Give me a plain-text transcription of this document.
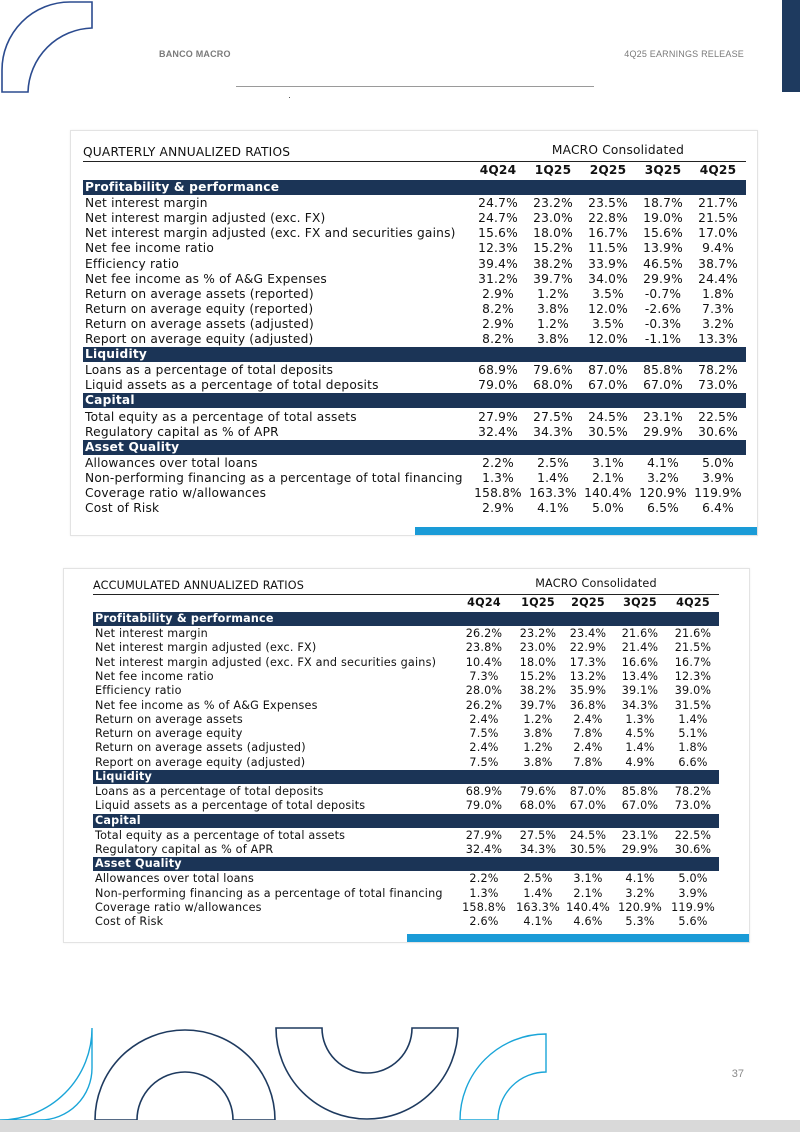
BANCO MACRO	4Q25 EARNINGS RELEASE
QUARTERLY ANNUALIZED RATIOS	MACRO Consolidated
4Q24	1Q25	2Q25	3Q25	4Q25
Profitability & performance
Net interest margin	24.7%	23.2%	23.5%	18.7%	21.7%
Net interest margin adjusted (exc. FX)	24.7%	23.0%	22.8%	19.0%	21.5%
Net interest margin adjusted (exc. FX and securities gains)	15.6%	18.0%	16.7%	15.6%	17.0%
Net fee income ratio	12.3%	15.2%	11.5%	13.9%	9.4%
Efficiency ratio	39.4%	38.2%	33.9%	46.5%	38.7%
Net fee income as % of A&G Expenses	31.2%	39.7%	34.0%	29.9%	24.4%
Return on average assets (reported)	2.9%	1.2%	3.5%	-0.7%	1.8%
Return on average equity (reported)	8.2%	3.8%	12.0%	-2.6%	7.3%
Return on average assets (adjusted)	2.9%	1.2%	3.5%	-0.3%	3.2%
Report on average equity (adjusted)	8.2%	3.8%	12.0%	-1.1%	13.3%
Liquidity
Loans as a percentage of total deposits	68.9%	79.6%	87.0%	85.8%	78.2%
Liquid assets as a percentage of total deposits	79.0%	68.0%	67.0%	67.0%	73.0%
Capital
Total equity as a percentage of total assets	27.9%	27.5%	24.5%	23.1%	22.5%
Regulatory capital as % of APR	32.4%	34.3%	30.5%	29.9%	30.6%
Asset Quality
Allowances over total loans	2.2%	2.5%	3.1%	4.1%	5.0%
Non-performing financing as a percentage of total financing	1.3%	1.4%	2.1%	3.2%	3.9%
Coverage ratio w/allowances	158.8% 163.3% 140.4% 120.9% 119.9%
Cost of Risk	2.9%	4.1%	5.0%	6.5%	6.4%
ACCUMULATED ANNUALIZED RATIOS	MACRO Consolidated
4Q24	1Q25	2Q25	3Q25	4Q25
Profitability & performance
Net interest margin	26.2%	23.2%	23.4%	21.6%	21.6%
Net interest margin adjusted (exc. FX)	23.8%	23.0%	22.9%	21.4%	21.5%
Net interest margin adjusted (exc. FX and securities gains)	10.4%	18.0%	17.3%	16.6%	16.7%
Net fee income ratio	7.3%	15.2%	13.2%	13.4%	12.3%
Efficiency ratio	28.0%	38.2%	35.9%	39.1%	39.0%
Net fee income as % of A&G Expenses	26.2%	39.7%	36.8%	34.3%	31.5%
Return on average assets	2.4%	1.2%	2.4%	1.3%	1.4%
Return on average equity	7.5%	3.8%	7.8%	4.5%	5.1%
Return on average assets (adjusted)	2.4%	1.2%	2.4%	1.4%	1.8%
Report on average equity (adjusted)	7.5%	3.8%	7.8%	4.9%	6.6%
Liquidity
Loans as a percentage of total deposits	68.9%	79.6%	87.0%	85.8%	78.2%
Liquid assets as a percentage of total deposits	79.0%	68.0%	67.0%	67.0%	73.0%
Capital
Total equity as a percentage of total assets	27.9%	27.5%	24.5%	23.1%	22.5%
Regulatory capital as % of APR	32.4%	34.3%	30.5%	29.9%	30.6%
Asset Quality
Allowances over total loans	2.2%	2.5%	3.1%	4.1%	5.0%
Non-performing financing as a percentage of total financing	1.3%	1.4%	2.1%	3.2%	3.9%
Coverage ratio w/allowances	158.8% 163.3% 140.4% 120.9% 119.9%
Cost of Risk	2.6%	4.1%	4.6%	5.3%	5.6%
37
